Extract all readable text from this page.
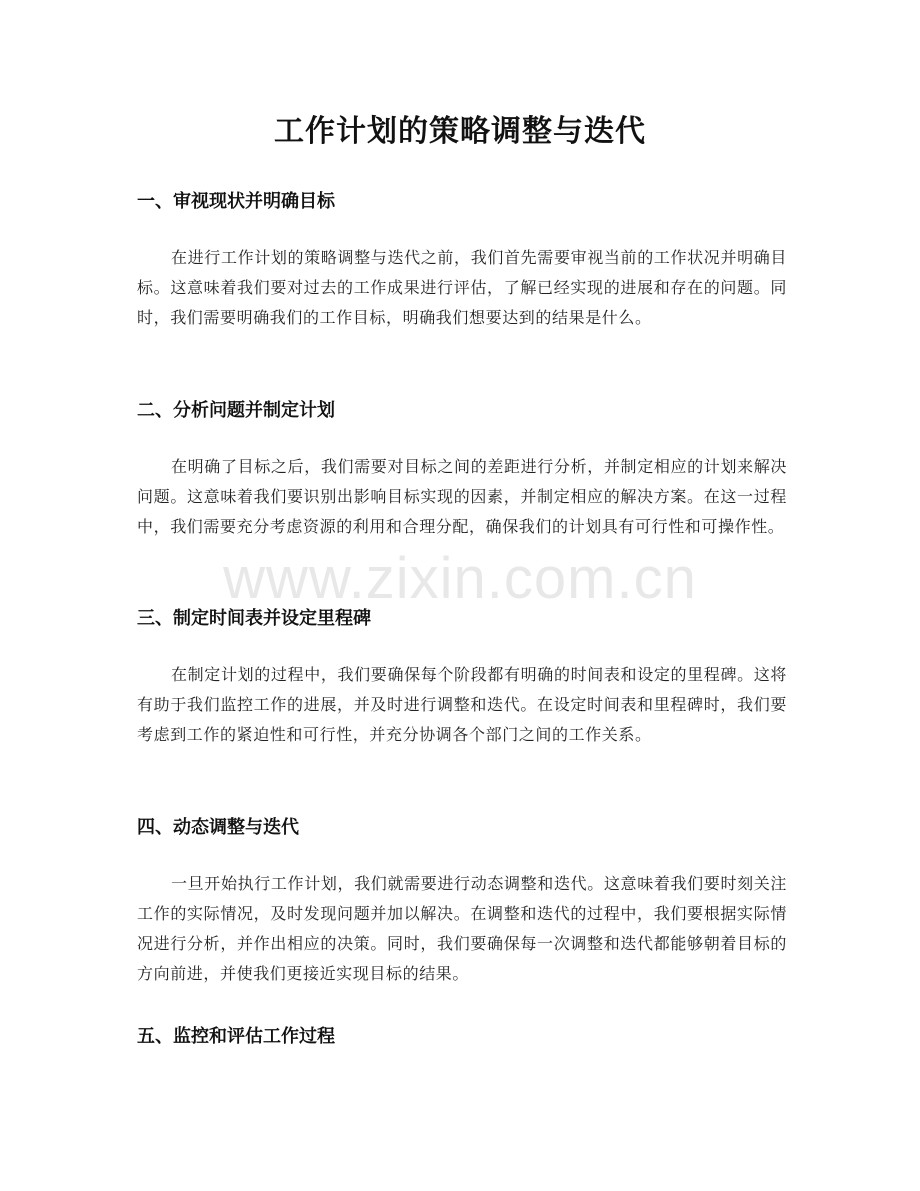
工作计划的策略调整与迭代
一、审视现状并明确目标

在进行工作计划的策略调整与迭代之前，我们首先需要审视当前的工作状况并明确目标。这意味着我们要对过去的工作成果进行评估，了解已经实现的进展和存在的问题。同时，我们需要明确我们的工作目标，明确我们想要达到的结果是什么。

二、分析问题并制定计划

在明确了目标之后，我们需要对目标之间的差距进行分析，并制定相应的计划来解决问题。这意味着我们要识别出影响目标实现的因素，并制定相应的解决方案。在这一过程中，我们需要充分考虑资源的利用和合理分配，确保我们的计划具有可行性和可操作性。

三、制定时间表并设定里程碑

在制定计划的过程中，我们要确保每个阶段都有明确的时间表和设定的里程碑。这将有助于我们监控工作的进展，并及时进行调整和迭代。在设定时间表和里程碑时，我们要考虑到工作的紧迫性和可行性，并充分协调各个部门之间的工作关系。

四、动态调整与迭代

一旦开始执行工作计划，我们就需要进行动态调整和迭代。这意味着我们要时刻关注工作的实际情况，及时发现问题并加以解决。在调整和迭代的过程中，我们要根据实际情况进行分析，并作出相应的决策。同时，我们要确保每一次调整和迭代都能够朝着目标的方向前进，并使我们更接近实现目标的结果。

五、监控和评估工作过程
www.zixin.com.cn
